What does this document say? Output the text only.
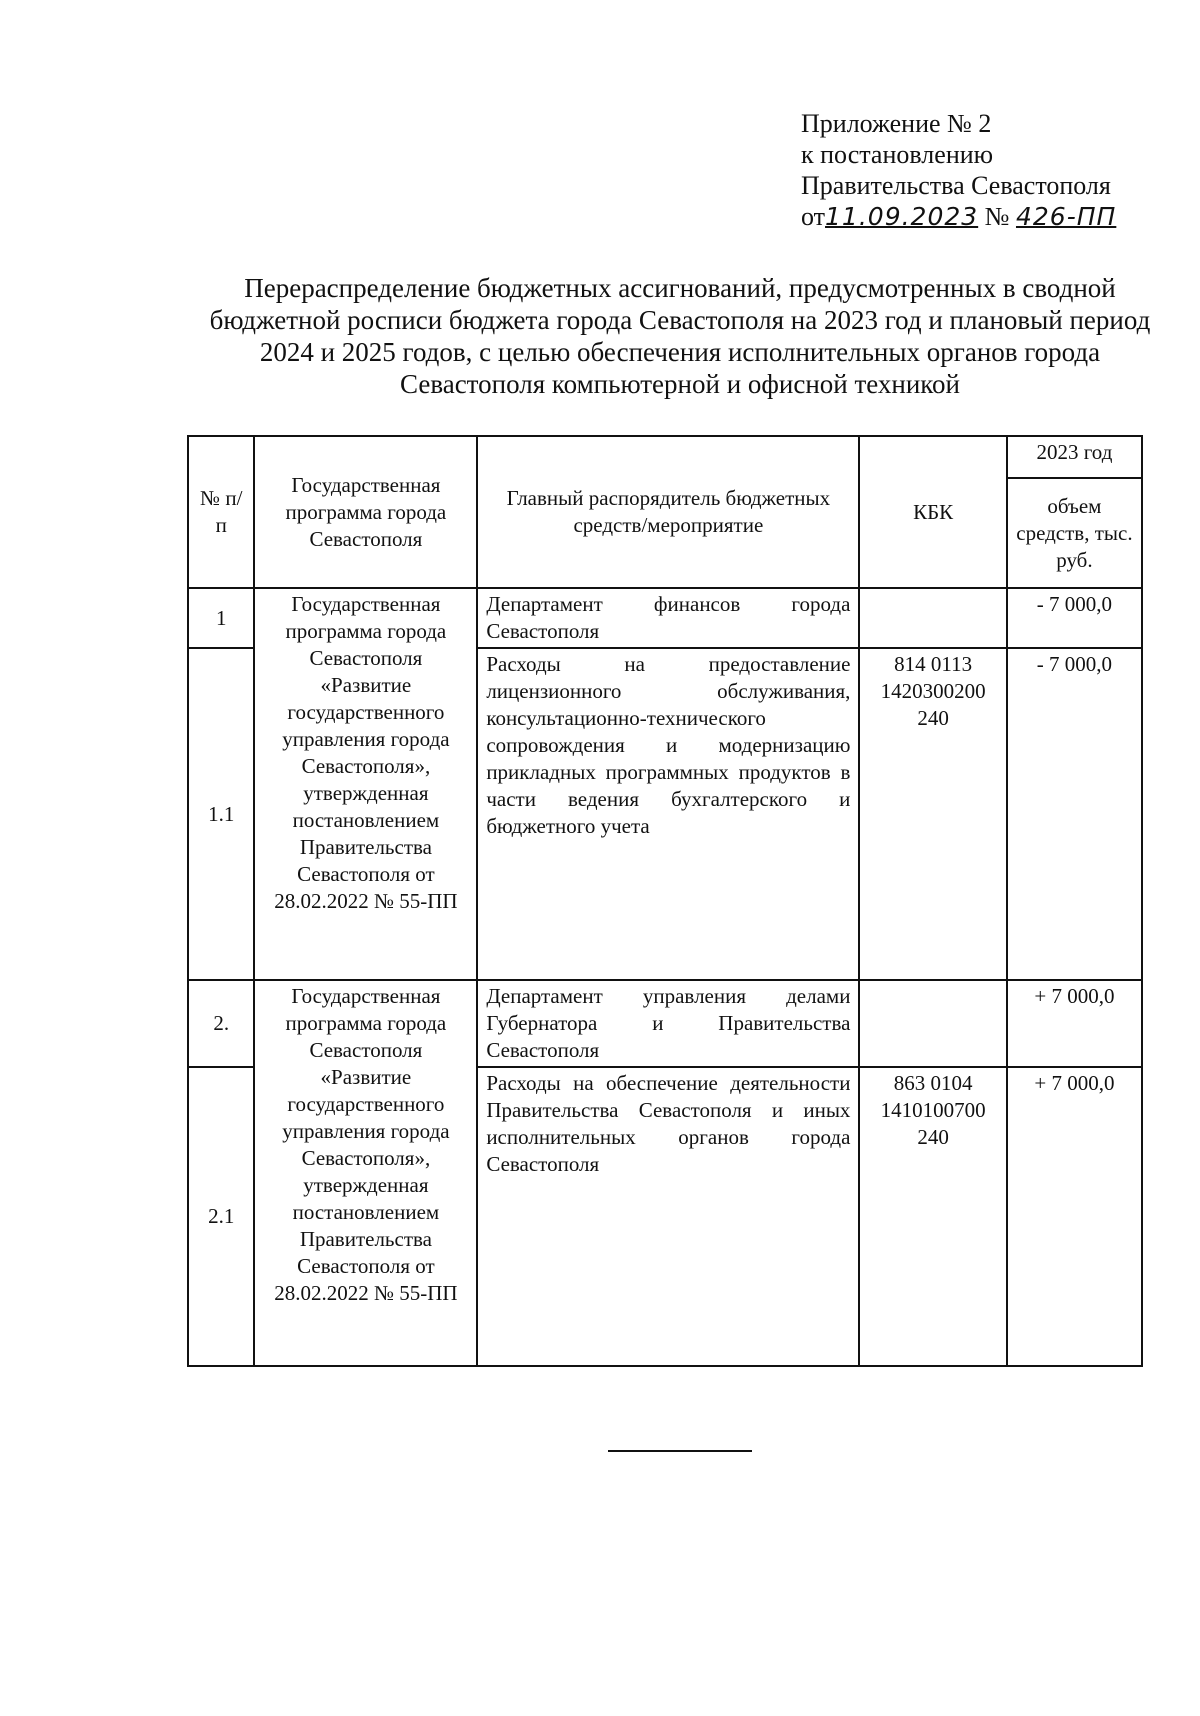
Приложение № 2
к постановлению
Правительства Севастополя
от11.09.2023 № 426-ПП
Перераспределение бюджетных ассигнований, предусмотренных в сводной бюджетной росписи бюджета города Севастополя на 2023 год и плановый период 2024 и 2025 годов, с целью обеспечения исполнительных органов города Севастополя компьютерной и офисной техникой
№ п/п	Государственная программа города Севастополя	Главный распорядитель бюджетных средств/мероприятие	КБК	2023 год
				объем средств, тыс. руб.
1	Государственная программа города Севастополя «Развитие государственного управления города Севастополя», утвержденная постановлением Правительства Севастополя от 28.02.2022 № 55-ПП	Департамент финансов города Севастополя		- 7 000,0
1.1		Расходы на предоставление лицензионного обслуживания, консультационно-технического сопровождения и модернизацию прикладных программных продуктов в части ведения бухгалтерского и бюджетного учета	814 0113 1420300200 240	- 7 000,0
2.	Государственная программа города Севастополя «Развитие государственного управления города Севастополя», утвержденная постановлением Правительства Севастополя от 28.02.2022 № 55-ПП	Департамент управления делами Губернатора и Правительства Севастополя		+ 7 000,0
2.1		Расходы на обеспечение деятельности Правительства Севастополя и иных исполнительных органов города Севастополя	863 0104 1410100700 240	+ 7 000,0
